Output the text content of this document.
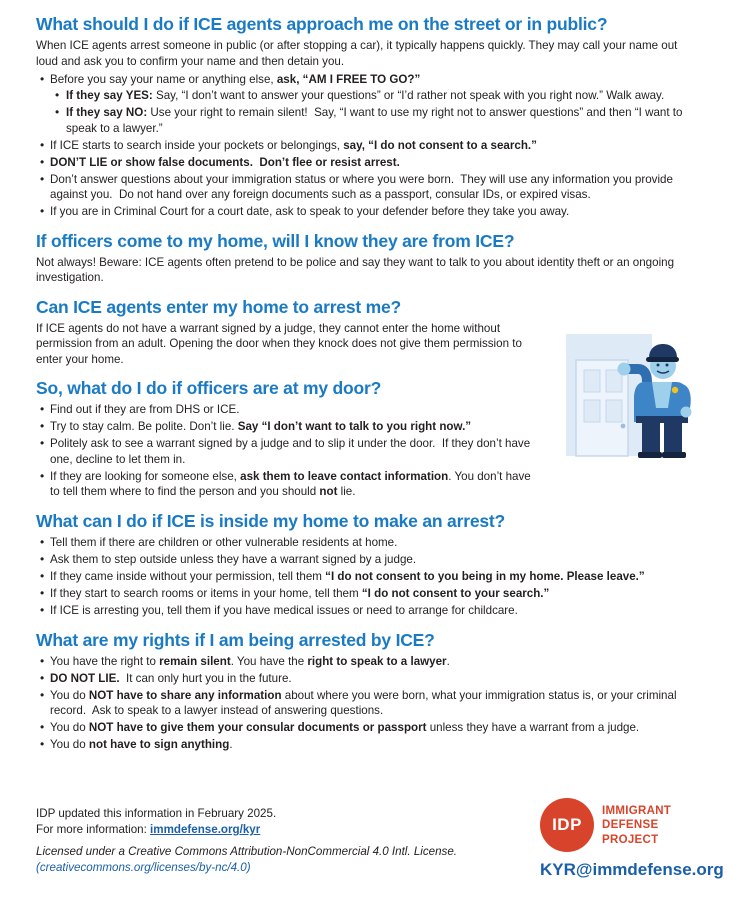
What should I do if ICE agents approach me on the street or in public?

When ICE agents arrest someone in public (or after stopping a car), it typically happens quickly. They may call your name out loud and ask you to confirm your name and then detain you.

• Before you say your name or anything else, ask, “AM I FREE TO GO?”
• If they say YES: Say, “I don’t want to answer your questions” or “I’d rather not speak with you right now.” Walk away.
• If they say NO: Use your right to remain silent!  Say, “I want to use my right not to answer questions” and then “I want to speak to a lawyer.”
• If ICE starts to search inside your pockets or belongings, say, “I do not consent to a search.”
• DON’T LIE or show false documents.  Don’t flee or resist arrest.
• Don’t answer questions about your immigration status or where you were born.  They will use any information you provide against you.  Do not hand over any foreign documents such as a passport, consular IDs, or expired visas.
• If you are in Criminal Court for a court date, ask to speak to your defender before they take you away.
If officers come to my home, will I know they are from ICE?

Not always! Beware: ICE agents often pretend to be police and say they want to talk to you about identity theft or an ongoing investigation.

Can ICE agents enter my home to arrest me?

If ICE agents do not have a warrant signed by a judge, they cannot enter the home without permission from an adult. Opening the door when they knock does not give them permission to enter your home.

So, what do I do if officers are at my door?
• Find out if they are from DHS or ICE.
• Try to stay calm. Be polite. Don’t lie. Say “I don’t want to talk to you right now.”
• Politely ask to see a warrant signed by a judge and to slip it under the door.  If they don’t have one, decline to let them in.
• If they are looking for someone else, ask them to leave contact information. You don’t have to tell them where to find the person and you should not lie.
What can I do if ICE is inside my home to make an arrest?
• Tell them if there are children or other vulnerable residents at home.
• Ask them to step outside unless they have a warrant signed by a judge.
• If they came inside without your permission, tell them “I do not consent to you being in my home. Please leave.”
• If they start to search rooms or items in your home, tell them “I do not consent to your search.”
• If ICE is arresting you, tell them if you have medical issues or need to arrange for childcare.
What are my rights if I am being arrested by ICE?
• You have the right to remain silent. You have the right to speak to a lawyer.
• DO NOT LIE.  It can only hurt you in the future.
• You do NOT have to share any information about where you were born, what your immigration status is, or your criminal record.  Ask to speak to a lawyer instead of answering questions.
• You do NOT have to give them your consular documents or passport unless they have a warrant from a judge.
• You do not have to sign anything.

IDP updated this information in February 2025.

For more information: immdefense.org/kyr

Licensed under a Creative Commons Attribution-NonCommercial 4.0 Intl. License.

(creativecommons.org/licenses/by-nc/4.0)

IDP
IMMIGRANT
DEFENSE
PROJECT
KYR@immdefense.org
